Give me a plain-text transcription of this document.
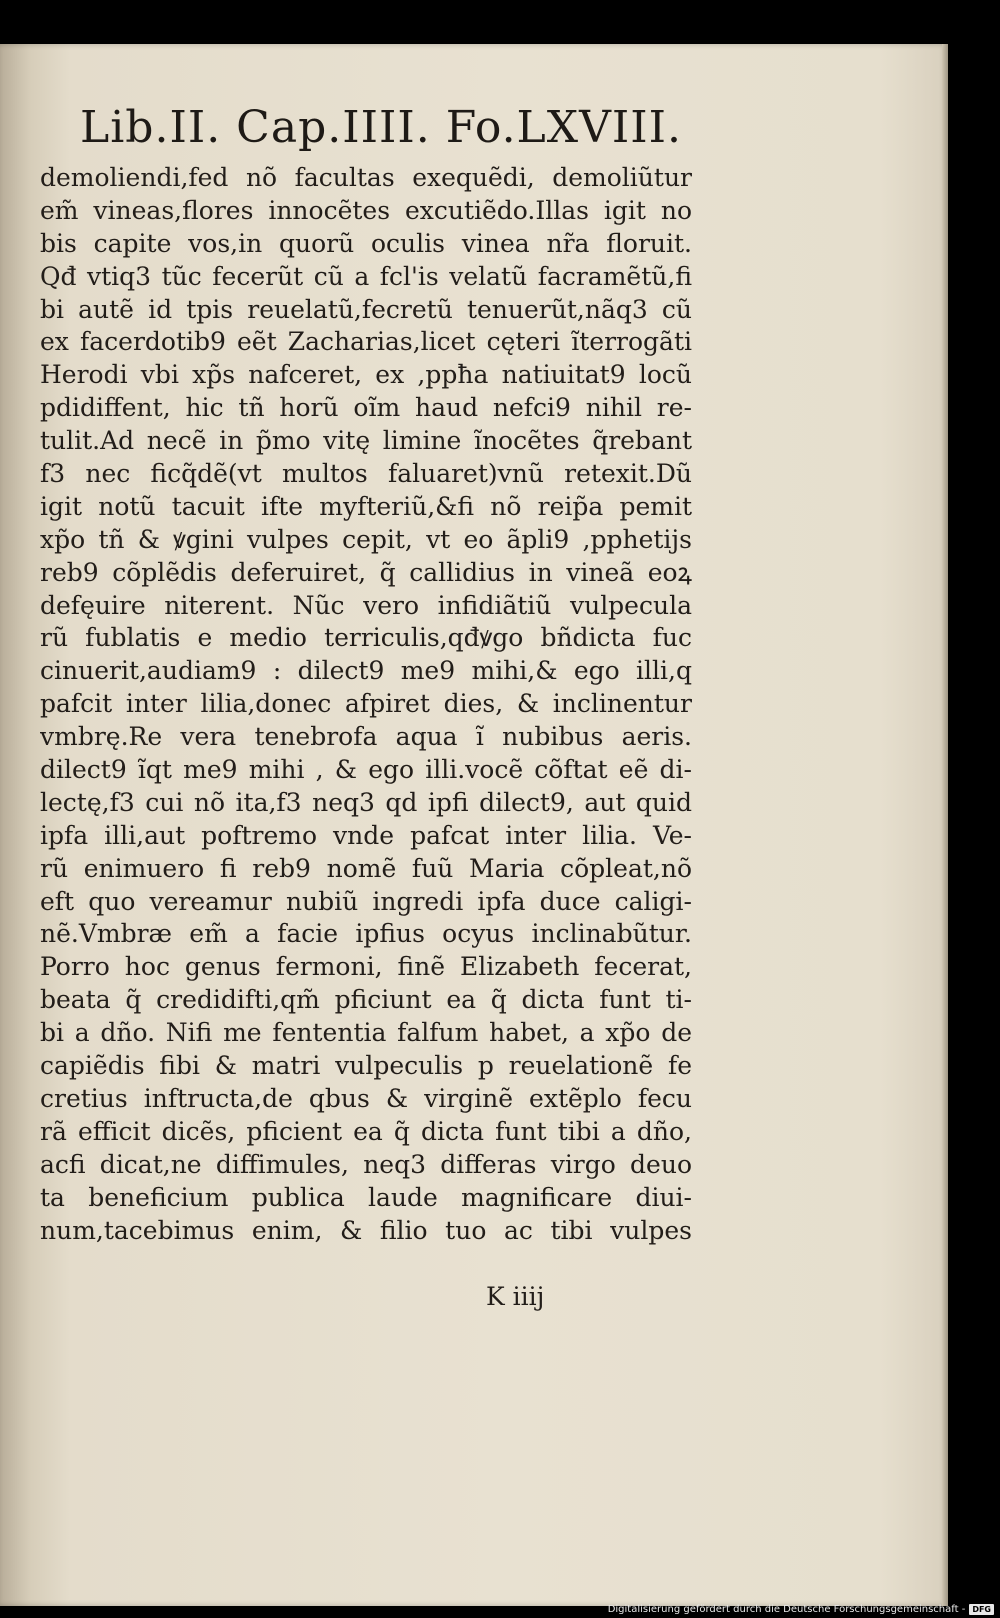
Lib.II. Cap.IIII. Fo.LXVIII.
demoliendi,fed nõ facultas exequẽdi, demoliũtur
em̃ vineas,flores innocẽtes excutiẽdo.Illas igit no
bis capite vos,in quorũ oculis vinea nr̃a floruit.
Qđ vtiq3 tũc fecerũt cũ a fcl'is velatũ facramẽtũ,fi
bi autẽ id tpis reuelatũ,fecretũ tenuerũt,nãq3 cũ
ex facerdotib9 eẽt Zacharias,licet cęteri ĩterrogãti
Herodi vbi xp̃s nafceret, ex ,ppħa natiuitat9 locũ
pdidiffent, hic tñ horũ oĩm haud nefci9 nihil re-
tulit.Ad necẽ in p̃mo vitę limine ĩnocẽtes q̃rebant
f3 nec ficq̃dẽ(vt multos faluaret)vnũ retexit.Dũ
igit notũ tacuit ifte myfteriũ,&fi nõ reip̃a pemit
xp̃o tñ & ꝟgini vulpes cepit, vt eo ãpli9 ,pphetijs
reb9 cõplẽdis deferuiret, q̃ callidius in vineã eoꝝ
defęuire niterent. Nũc vero infidiãtiũ vulpecula
rũ fublatis e medio terriculis,qđꝟgo bñdicta fuc
cinuerit,audiam9 : dilect9 me9 mihi,& ego illi,q
pafcit inter lilia,donec afpiret dies, & inclinentur
vmbrę.Re vera tenebrofa aqua ĩ nubibus aeris.
dilect9 ĩqt me9 mihi , & ego illi.vocẽ cõftat eẽ di-
lectę,f3 cui nõ ita,f3 neq3 qd ipfi dilect9, aut quid
ipfa illi,aut poftremo vnde pafcat inter lilia. Ve-
rũ enimuero fi reb9 nomẽ fuũ Maria cõpleat,nõ
eft quo vereamur nubiũ ingredi ipfa duce caligi-
nẽ.Vmbræ em̃ a facie ipfius ocyus inclinabũtur.
Porro hoc genus fermoni, finẽ Elizabeth fecerat,
beata q̃ credidifti,qm̃ pficiunt ea q̃ dicta funt ti-
bi a dño. Nifi me fententia falfum habet, a xp̃o de
capiẽdis fibi & matri vulpeculis p reuelationẽ fe
cretius inftructa,de qbus & virginẽ extẽplo fecu
rã efficit dicẽs, pficient ea q̃ dicta funt tibi a dño,
acfi dicat,ne diffimules, neq3 differas virgo deuo
ta beneficium publica laude magnificare diui-
num,tacebimus enim, & filio tuo ac tibi vulpes
K iiij
Digitalisierung gefördert durch die Deutsche Forschungsgemeinschaft - DFG
